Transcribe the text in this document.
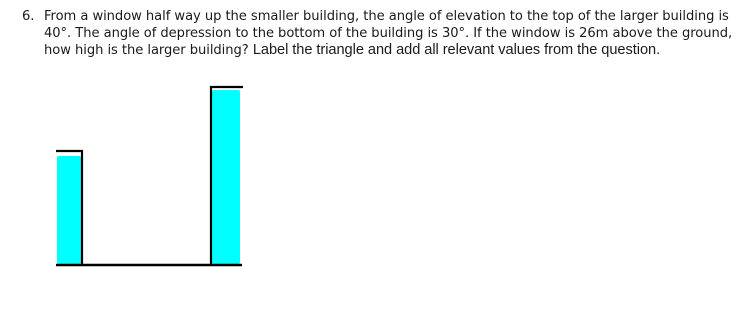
6. From a window half way up the smaller building, the angle of elevation to the top of the larger building is
40°. The angle of depression to the bottom of the building is 30°. If the window is 26m above the ground,
how high is the larger building? Label the triangle and add all relevant values from the question.
